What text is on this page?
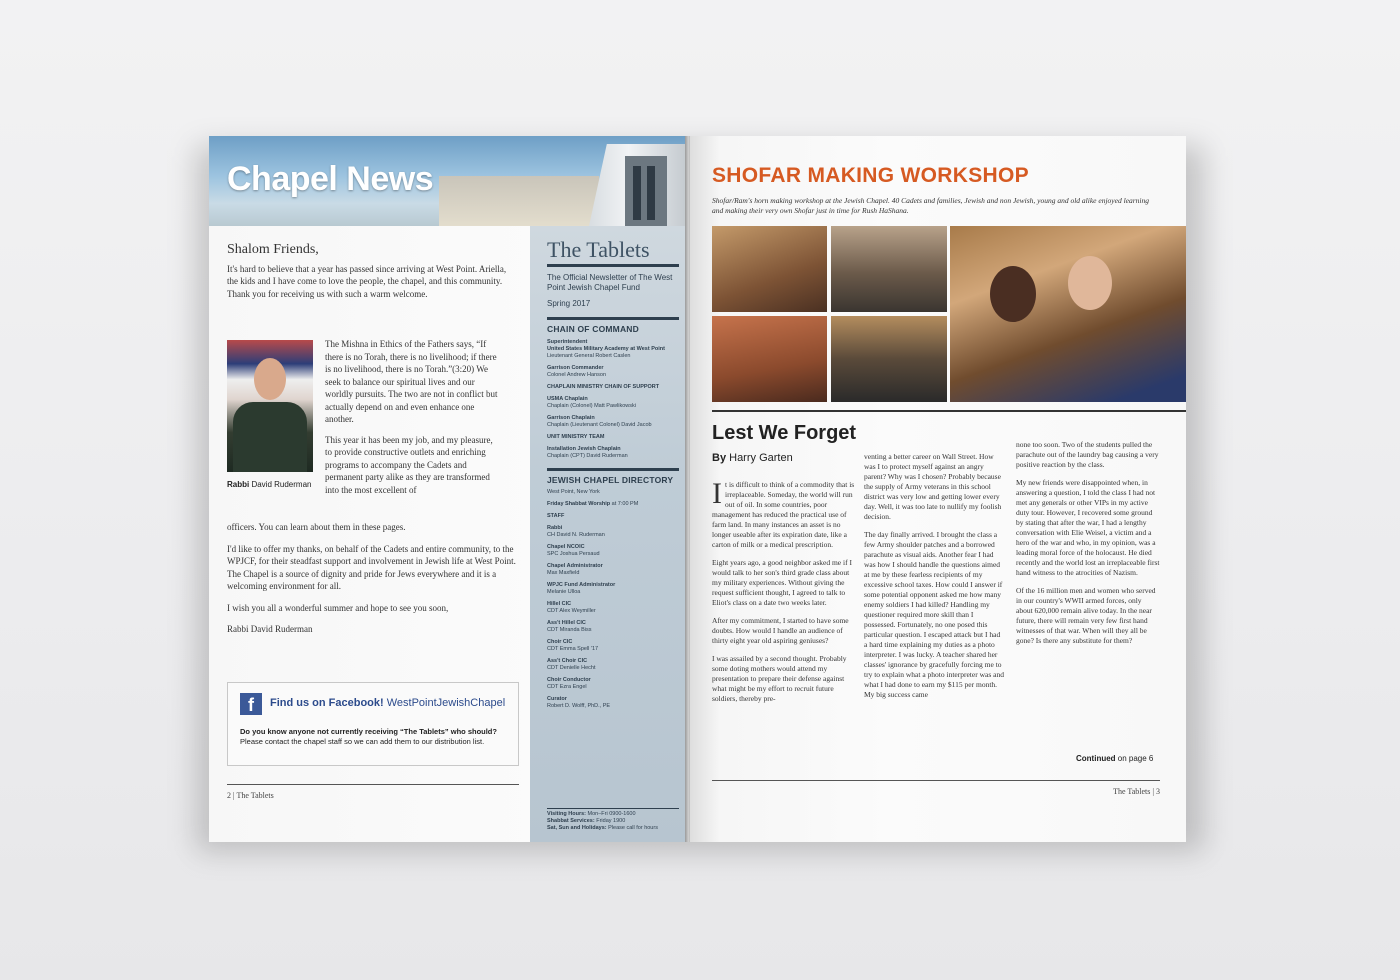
Chapel News
Shalom Friends,

It's hard to believe that a year has passed since arriving at West Point. Ariella, the kids and I have come to love the people, the chapel, and this community. Thank you for receiving us with such a warm welcome.

Rabbi David Ruderman

The Mishna in Ethics of the Fathers says, “If there is no Torah, there is no livelihood; if there is no livelihood, there is no Torah.”(3:20) We seek to balance our spiritual lives and our worldly pursuits. The two are not in conflict but actually depend on and even enhance one another.

This year it has been my job, and my pleasure, to provide constructive outlets and enriching programs to accompany the Cadets and permanent party alike as they are transformed into the most excellent of

officers. You can learn about them in these pages.

I'd like to offer my thanks, on behalf of the Cadets and entire community, to the WPJCF, for their steadfast support and involvement in Jewish life at West Point. The Chapel is a source of dignity and pride for Jews everywhere and it is a welcoming environment for all.

I wish you all a wonderful summer and hope to see you soon,

Rabbi David Ruderman

f	Find us on Facebook! WestPointJewishChapel
Do you know anyone not currently receiving “The Tablets” who should? Please contact the chapel staff so we can add them to our distribution list.
2 | The Tablets
The Tablets
The Official Newsletter of The West Point Jewish Chapel Fund
Spring 2017
CHAIN OF COMMAND
Superintendent
United States Military Academy at West Point
Lieutenant General Robert Caslen
Garrison Commander
Colonel Andrew Hanson
CHAPLAIN MINISTRY CHAIN OF SUPPORT
USMA Chaplain
Chaplain (Colonel) Matt Pawlikowski
Garrison Chaplain
Chaplain (Lieutenant Colonel) David Jacob
UNIT MINISTRY TEAM
Installation Jewish Chaplain
Chaplain (CPT) David Ruderman
JEWISH CHAPEL DIRECTORY
West Point, New York
Friday Shabbat Worship at 7:00 PM
STAFF
Rabbi
CH David N. Ruderman
Chapel NCOIC
SPC Joshua Persaud
Chapel Administrator
Max Maxfield
WPJC Fund Administrator
Melanie Ulloa
Hillel CIC
CDT Alex Weymiller
Ass't Hillel CIC
CDT Miranda Biss
Choir CIC
CDT Emma Spell '17
Ass't Choir CIC
CDT Denielle Hecht
Choir Conductor
CDT Ezra Engel
Curator
Robert D. Wolff, PhD., PE
Visiting Hours: Mon–Fri 0900-1600
Shabbat Services: Friday 1900
Sat, Sun and Holidays: Please call for hours
SHOFAR MAKING WORKSHOP
Shofar/Ram's horn making workshop at the Jewish Chapel. 40 Cadets and families, Jewish and non Jewish, young and old alike enjoyed learning and making their very own Shofar just in time for Rush HaShana.
Lest We Forget
By Harry Garten

It is difficult to think of a commodity that is irreplaceable. Someday, the world will run out of oil. In some countries, poor management has reduced the practical use of farm land. In many instances an asset is no longer useable after its expiration date, like a carton of milk or a medical prescription.

Eight years ago, a good neighbor asked me if I would talk to her son's third grade class about my military experiences. Without giving the request sufficient thought, I agreed to talk to Eliot's class on a date two weeks later.

After my commitment, I started to have some doubts. How would I handle an audience of thirty eight year old aspiring geniuses?

I was assailed by a second thought. Probably some doting mothers would attend my presentation to prepare their defense against what might be my effort to recruit future soldiers, thereby pre-

venting a better career on Wall Street. How was I to protect myself against an angry parent? Why was I chosen? Probably because the supply of Army veterans in this school district was very low and getting lower every day. Well, it was too late to nullify my foolish decision.

The day finally arrived. I brought the class a few Army shoulder patches and a borrowed parachute as visual aids. Another fear I had was how I should handle the questions aimed at me by these fearless recipients of my excessive school taxes. How could I answer if some potential opponent asked me how many enemy soldiers I had killed? Handling my questioner required more skill than I possessed. Fortunately, no one posed this particular question. I escaped attack but I had a hard time explaining my duties as a photo interpreter. I was lucky. A teacher shared her classes' ignorance by gracefully forcing me to try to explain what a photo interpreter was and what I had done to earn my $115 per month. My big success came

none too soon. Two of the students pulled the parachute out of the laundry bag causing a very positive reaction by the class.

My new friends were disappointed when, in answering a question, I told the class I had not met any generals or other VIPs in my active duty tour. However, I recovered some ground by stating that after the war, I had a lengthy conversation with Elie Weisel, a victim and a hero of the war and who, in my opinion, was a leading moral force of the holocaust. He died recently and the world lost an irreplaceable first hand witness to the atrocities of Nazism.

Of the 16 million men and women who served in our country's WWII armed forces, only about 620,000 remain alive today. In the near future, there will remain very few first hand witnesses of that war. When will they all be gone? Is there any substitute for them?

Continued on page 6
The Tablets | 3
